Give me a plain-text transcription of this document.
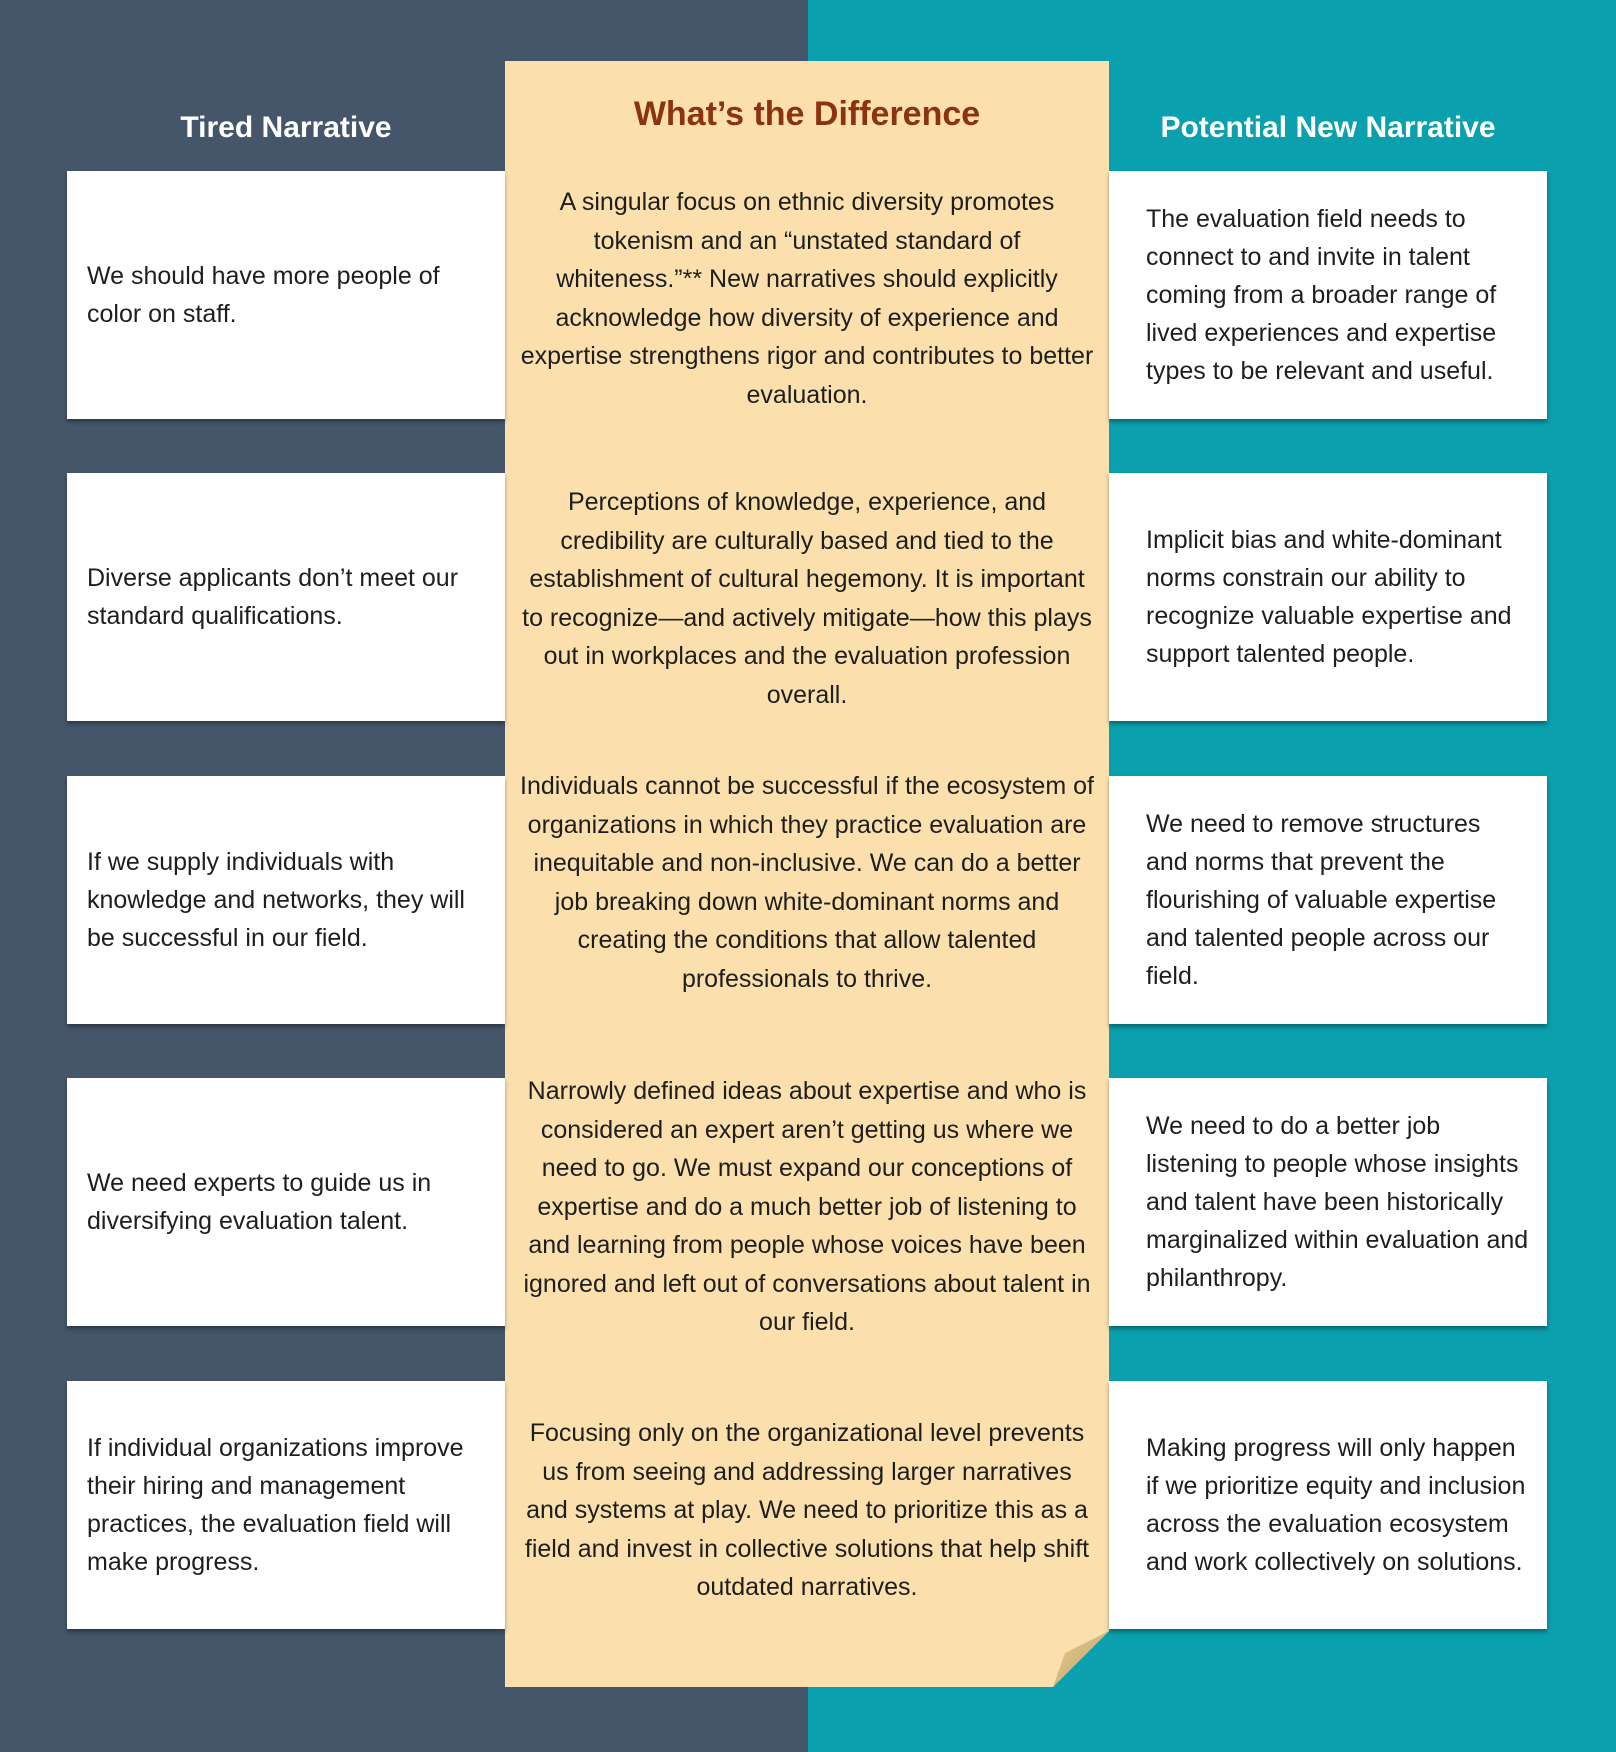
Tired Narrative	Potential New Narrative
What’s the Difference
We should have more people of color on staff.
A singular focus on ethnic diversity promotes tokenism and an “unstated standard of whiteness.”** New narratives should explicitly acknowledge how diversity of experience and expertise strengthens rigor and contributes to better evaluation.
The evaluation field needs to connect to and invite in talent coming from a broader range of lived experiences and expertise types to be relevant and useful.
Diverse applicants don’t meet our standard qualifications.
Perceptions of knowledge, experience, and credibility are culturally based and tied to the establishment of cultural hegemony. It is important to recognize—and actively mitigate—how this plays out in workplaces and the evaluation profession overall.
Implicit bias and white-dominant norms constrain our ability to recognize valuable expertise and support talented people.
If we supply individuals with knowledge and networks, they will be successful in our field.
Individuals cannot be successful if the ecosystem of organizations in which they practice evaluation are inequitable and non-inclusive. We can do a better job breaking down white-dominant norms and creating the conditions that allow talented professionals to thrive.
We need to remove structures and norms that prevent the flourishing of valuable expertise and talented people across our field.
We need experts to guide us in diversifying evaluation talent.
Narrowly defined ideas about expertise and who is considered an expert aren’t getting us where we need to go. We must expand our conceptions of expertise and do a much better job of listening to and learning from people whose voices have been ignored and left out of conversations about talent in our field.
We need to do a better job listening to people whose insights and talent have been historically marginalized within evaluation and philanthropy.
If individual organizations improve their hiring and management practices, the evaluation field will make progress.
Focusing only on the organizational level prevents us from seeing and addressing larger narratives and systems at play. We need to prioritize this as a field and invest in collective solutions that help shift outdated narratives.
Making progress will only happen if we prioritize equity and inclusion across the evaluation ecosystem and work collectively on solutions.
